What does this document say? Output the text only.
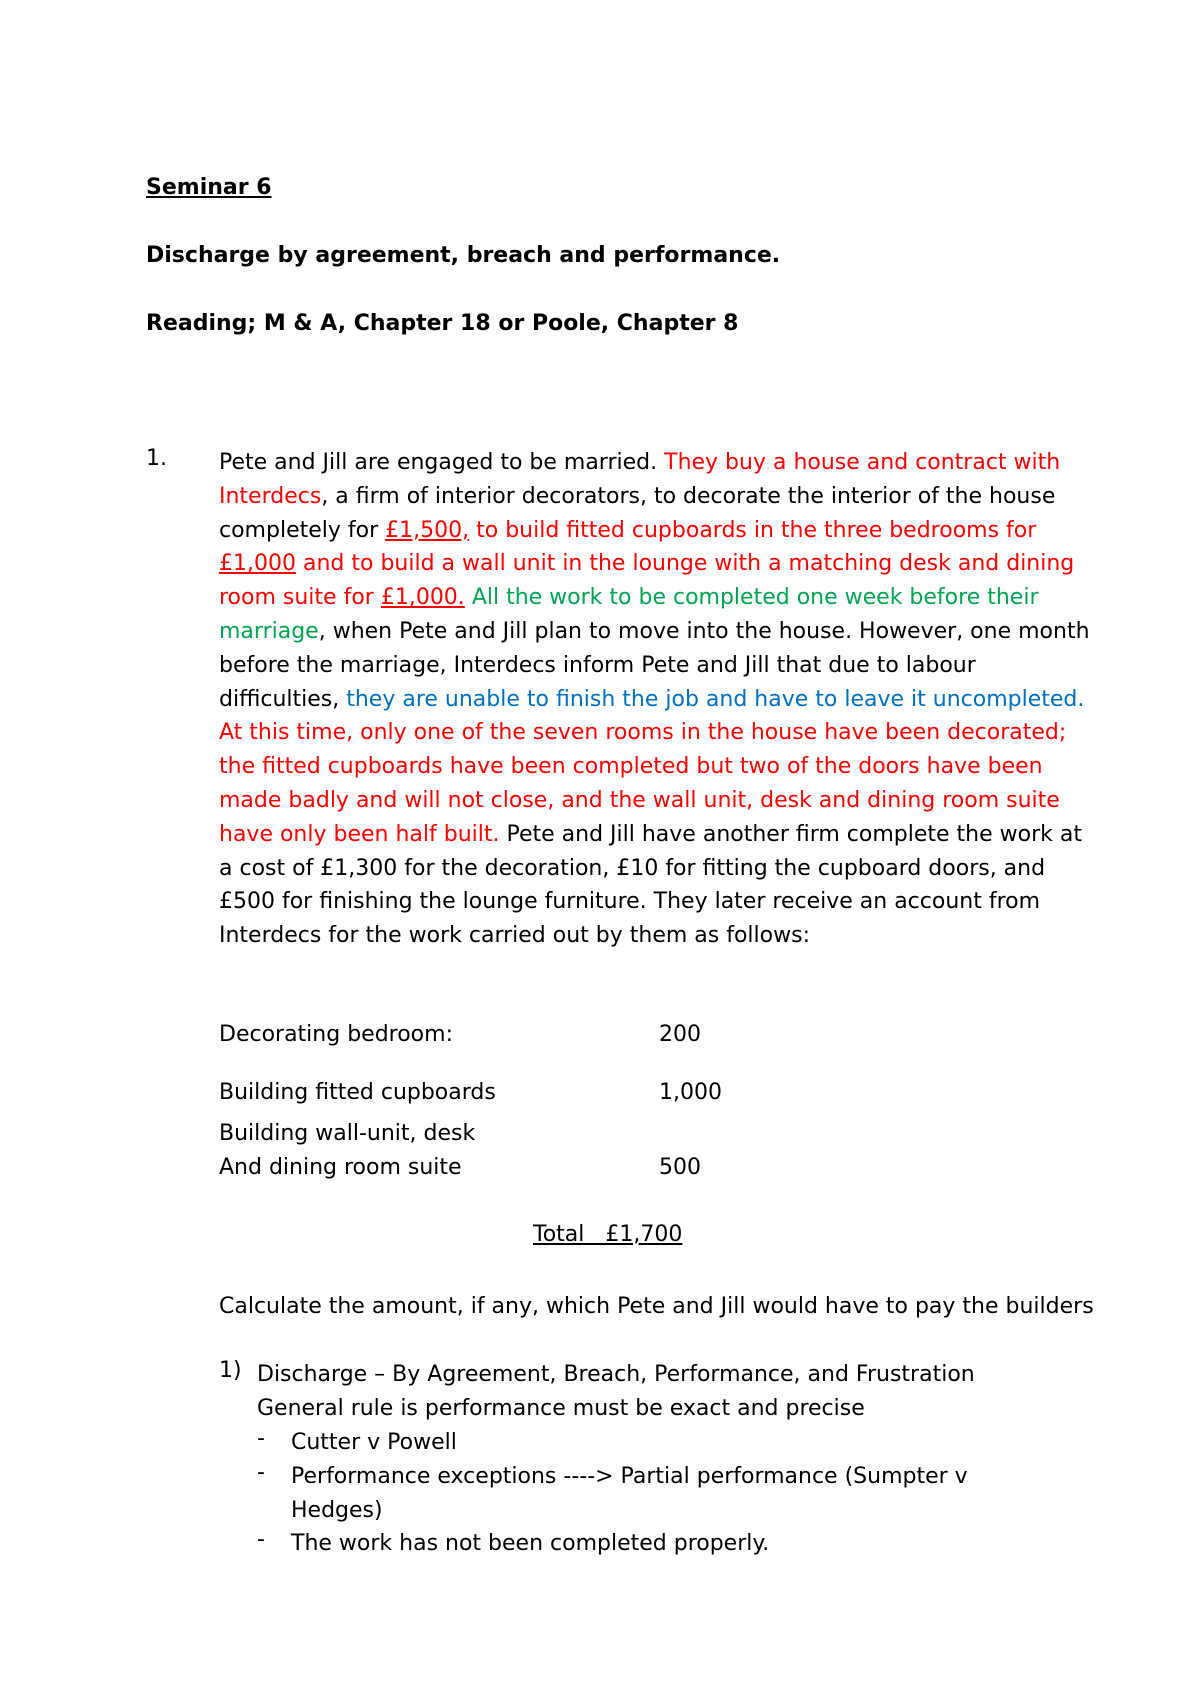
Seminar 6
Discharge by agreement, breach and performance.
Reading; M & A, Chapter 18 or Poole, Chapter 8
1. Pete and Jill are engaged to be married. They buy a house and contract with Interdecs, a firm of interior decorators, to decorate the interior of the house completely for £1,500, to build fitted cupboards in the three bedrooms for £1,000 and to build a wall unit in the lounge with a matching desk and dining room suite for £1,000. All the work to be completed one week before their marriage, when Pete and Jill plan to move into the house. However, one month before the marriage, Interdecs inform Pete and Jill that due to labour difficulties, they are unable to finish the job and have to leave it uncompleted. At this time, only one of the seven rooms in the house have been decorated; the fitted cupboards have been completed but two of the doors have been made badly and will not close, and the wall unit, desk and dining room suite have only been half built. Pete and Jill have another firm complete the work at a cost of £1,300 for the decoration, £10 for fitting the cupboard doors, and £500 for finishing the lounge furniture. They later receive an account from Interdecs for the work carried out by them as follows:
Decorating bedroom:	200
Building fitted cupboards	1,000
Building wall-unit, desk
And dining room suite	500
Total   £1,700
Calculate the amount, if any, which Pete and Jill would have to pay the builders
1) Discharge – By Agreement, Breach, Performance, and Frustration
General rule is performance must be exact and precise
- Cutter v Powell
- Performance exceptions ----> Partial performance (Sumpter v Hedges)
- The work has not been completed properly.
